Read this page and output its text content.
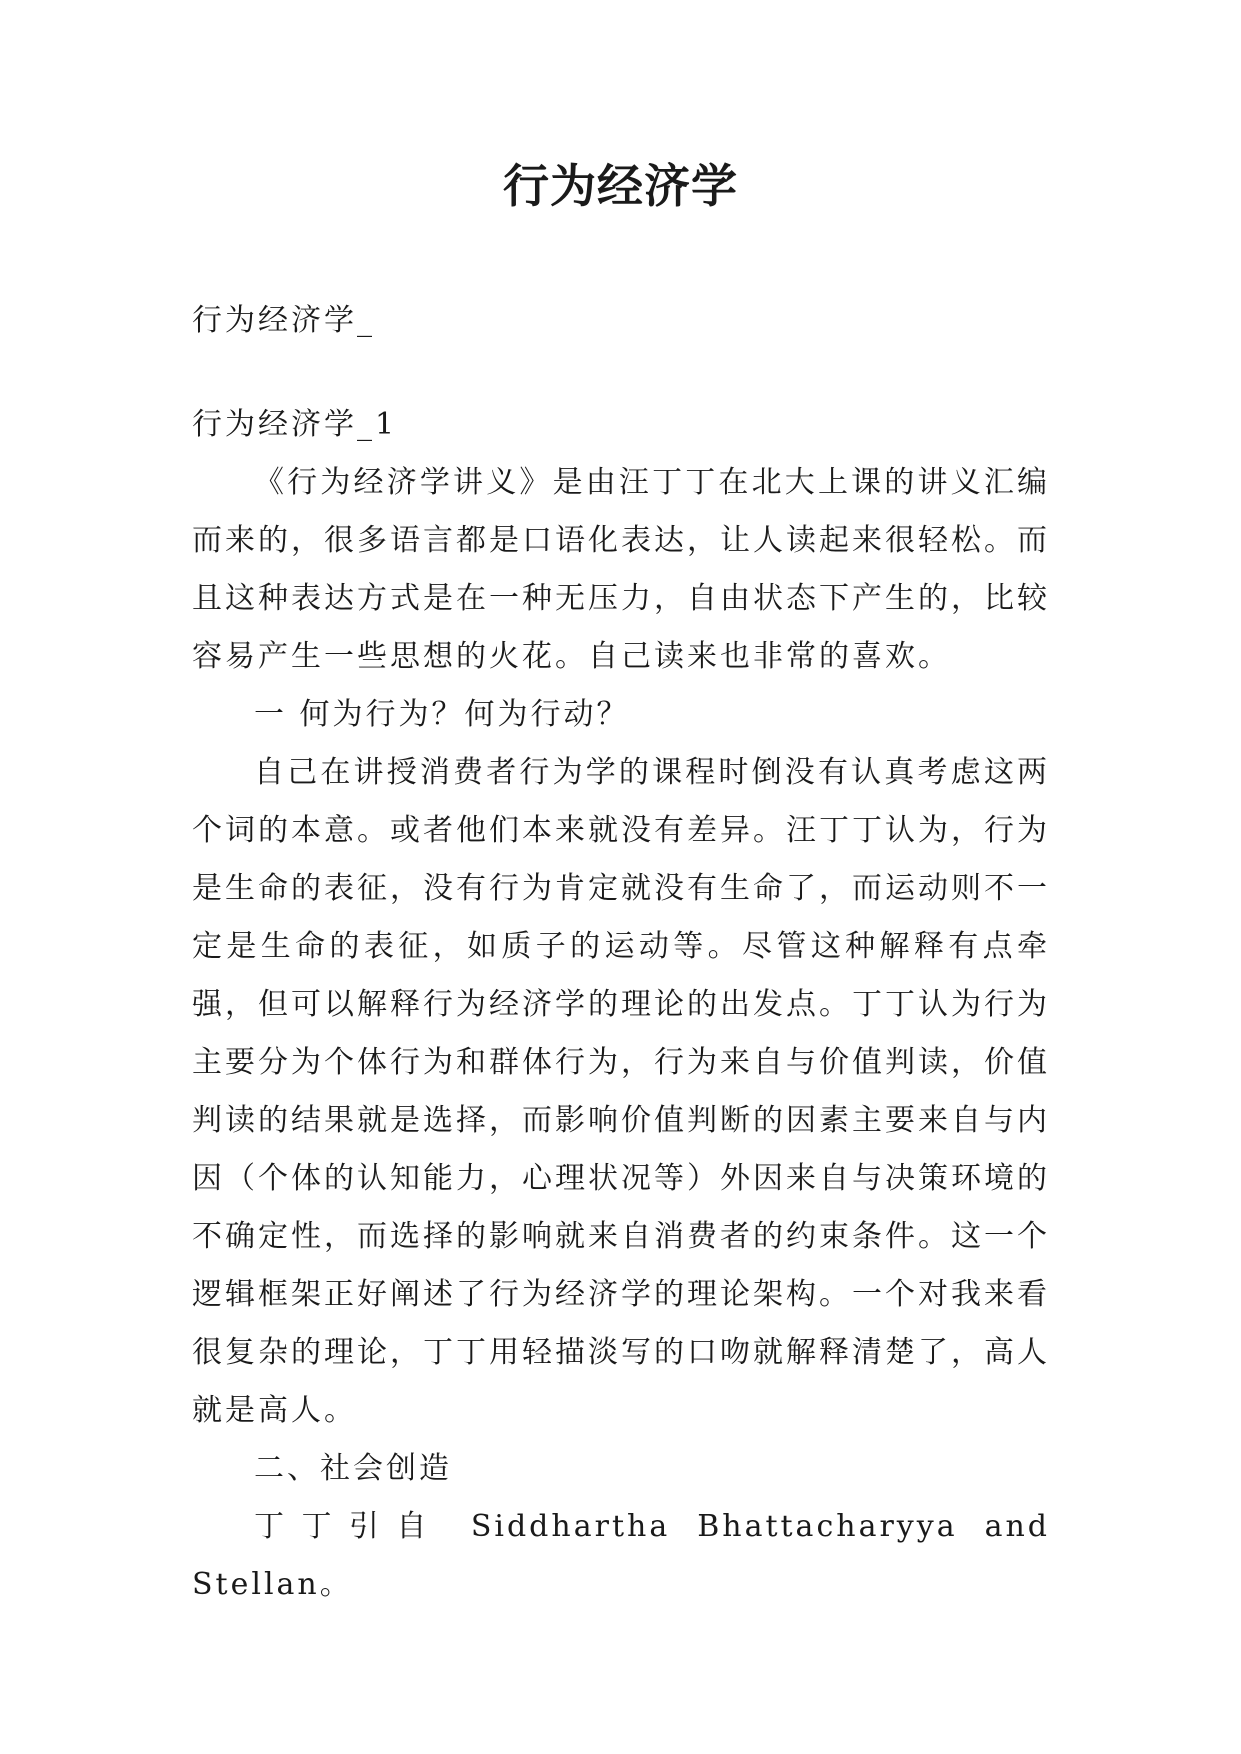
行为经济学

行为经济学_

行为经济学_1

《行为经济学讲义》是由汪丁丁在北大上课的讲义汇编而来的，很多语言都是口语化表达，让人读起来很轻松。而且这种表达方式是在一种无压力，自由状态下产生的，比较容易产生一些思想的火花。自己读来也非常的喜欢。

一 何为行为？何为行动？

自己在讲授消费者行为学的课程时倒没有认真考虑这两个词的本意。或者他们本来就没有差异。汪丁丁认为，行为是生命的表征，没有行为肯定就没有生命了，而运动则不一定是生命的表征，如质子的运动等。尽管这种解释有点牵强，但可以解释行为经济学的理论的出发点。丁丁认为行为主要分为个体行为和群体行为，行为来自与价值判读，价值判读的结果就是选择，而影响价值判断的因素主要来自与内因（个体的认知能力，心理状况等）外因来自与决策环境的不确定性，而选择的影响就来自消费者的约束条件。这一个逻辑框架正好阐述了行为经济学的理论架构。一个对我来看很复杂的理论，丁丁用轻描淡写的口吻就解释清楚了，高人就是高人。

二、社会创造

丁丁引自 Siddhartha Bhattacharyya and Stellan。
